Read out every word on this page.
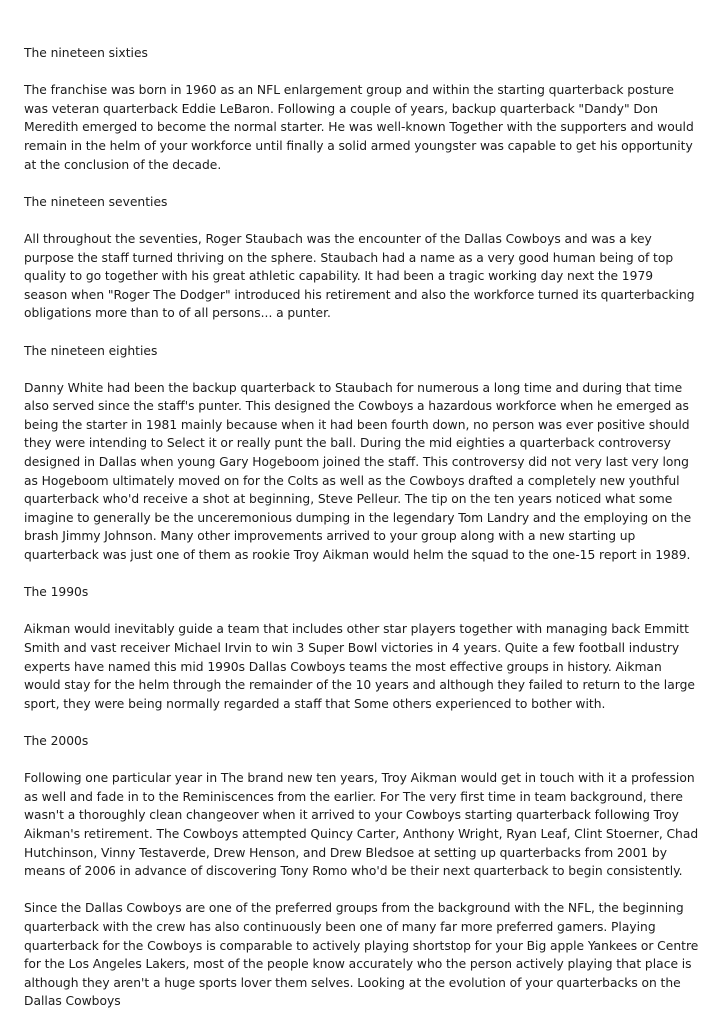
The nineteen sixties

The franchise was born in 1960 as an NFL enlargement group and within the starting quarterback posture was veteran quarterback Eddie LeBaron. Following a couple of years, backup quarterback "Dandy" Don Meredith emerged to become the normal starter. He was well-known Together with the supporters and would remain in the helm of your workforce until finally a solid armed youngster was capable to get his opportunity at the conclusion of the decade.

The nineteen seventies

All throughout the seventies, Roger Staubach was the encounter of the Dallas Cowboys and was a key purpose the staff turned thriving on the sphere. Staubach had a name as a very good human being of top quality to go together with his great athletic capability. It had been a tragic working day next the 1979 season when "Roger The Dodger" introduced his retirement and also the workforce turned its quarterbacking obligations more than to of all persons... a punter.

The nineteen eighties

Danny White had been the backup quarterback to Staubach for numerous a long time and during that time also served since the staff's punter. This designed the Cowboys a hazardous workforce when he emerged as being the starter in 1981 mainly because when it had been fourth down, no person was ever positive should they were intending to Select it or really punt the ball. During the mid eighties a quarterback controversy designed in Dallas when young Gary Hogeboom joined the staff. This controversy did not very last very long as Hogeboom ultimately moved on for the Colts as well as the Cowboys drafted a completely new youthful quarterback who'd receive a shot at beginning, Steve Pelleur. The tip on the ten years noticed what some imagine to generally be the unceremonious dumping in the legendary Tom Landry and the employing on the brash Jimmy Johnson. Many other improvements arrived to your group along with a new starting up quarterback was just one of them as rookie Troy Aikman would helm the squad to the one-15 report in 1989.

The 1990s

Aikman would inevitably guide a team that includes other star players together with managing back Emmitt Smith and vast receiver Michael Irvin to win 3 Super Bowl victories in 4 years. Quite a few football industry experts have named this mid 1990s Dallas Cowboys teams the most effective groups in history. Aikman would stay for the helm through the remainder of the 10 years and although they failed to return to the large sport, they were being normally regarded a staff that Some others experienced to bother with.

The 2000s

Following one particular year in The brand new ten years, Troy Aikman would get in touch with it a profession as well and fade in to the Reminiscences from the earlier. For The very first time in team background, there wasn't a thoroughly clean changeover when it arrived to your Cowboys starting quarterback following Troy Aikman's retirement. The Cowboys attempted Quincy Carter, Anthony Wright, Ryan Leaf, Clint Stoerner, Chad Hutchinson, Vinny Testaverde, Drew Henson, and Drew Bledsoe at setting up quarterbacks from 2001 by means of 2006 in advance of discovering Tony Romo who'd be their next quarterback to begin consistently.

Since the Dallas Cowboys are one of the preferred groups from the background with the NFL, the beginning quarterback with the crew has also continuously been one of many far more preferred gamers. Playing quarterback for the Cowboys is comparable to actively playing shortstop for your Big apple Yankees or Centre for the Los Angeles Lakers, most of the people know accurately who the person actively playing that place is although they aren't a huge sports lover them selves. Looking at the evolution of your quarterbacks on the Dallas Cowboys
